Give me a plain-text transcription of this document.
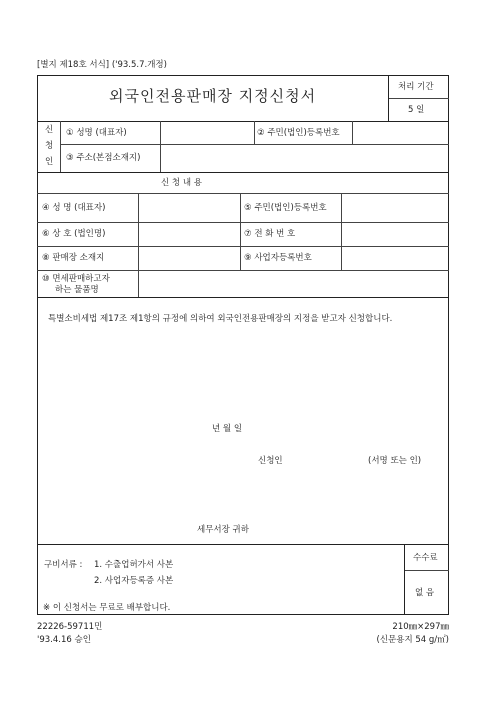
[별지 제18호 서식] ('93.5.7.개정)
외국인전용판매장 지정신청서	처리 기간
5 일
신
청
인
① 성명 (대표자)	② 주민(법인)등록번호
③ 주소(본점소재지)
신 청 내 용
④ 성 명 (대표자)	⑤ 주민(법인)등록번호
⑥ 상 호 (법인명)	⑦ 전 화 번 호
⑧ 판매장 소재지	⑨ 사업자등록번호
⑩ 면세판매하고자
하는 물품명
특별소비세법 제17조 제1항의 규정에 의하여 외국인전용판매장의 지정을 받고자 신청합니다.
년 월 일
신청인	(서명 또는 인)
세무서장 귀하
구비서류 : 1. 수출업허가서 사본
2. 사업자등록증 사본
※ 이 신청서는 무료로 배부합니다.
수수료
없 음
22226-59711민
'93.4.16 승인
210㎜×297㎜
(신문용지 54 g/㎡)
